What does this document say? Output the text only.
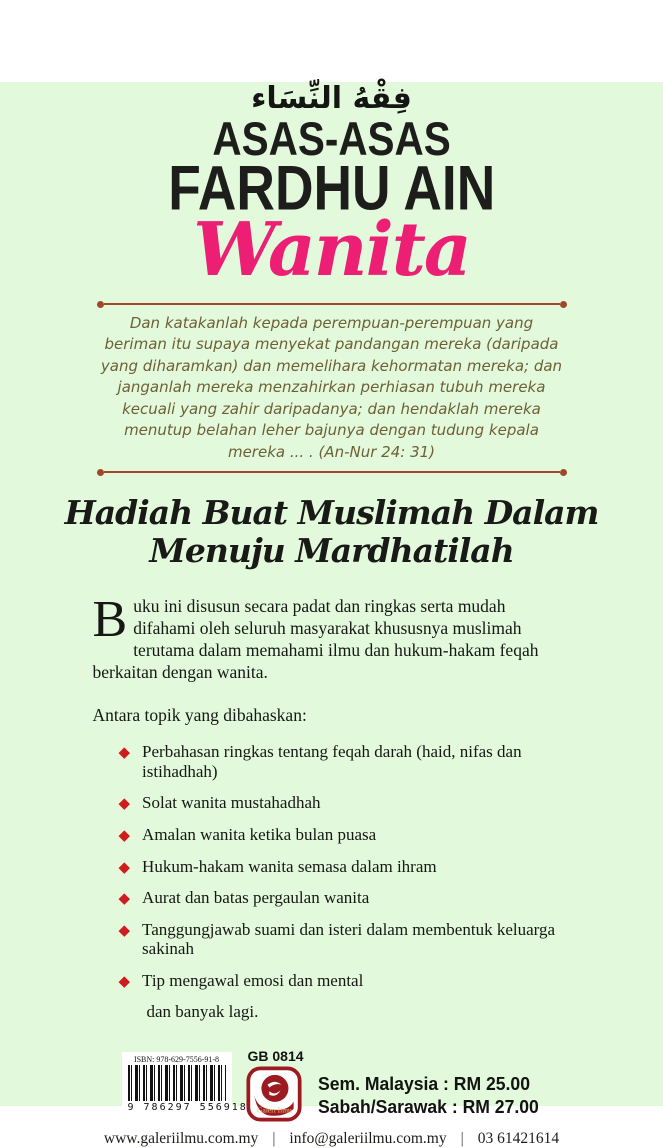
فِقْهُ النِّسَاء
ASAS-ASAS
FARDHU AIN
Wanita
Dan katakanlah kepada perempuan-perempuan yang beriman itu supaya menyekat pandangan mereka (daripada yang diharamkan) dan memelihara kehormatan mereka; dan janganlah mereka menzahirkan perhiasan tubuh mereka kecuali yang zahir daripadanya; dan hendaklah mereka menutup belahan leher bajunya dengan tudung kepala mereka ... . (An-Nur 24: 31)
Hadiah Buat Muslimah Dalam
Menuju Mardhatilah
Buku ini disusun secara padat dan ringkas serta mudah difahami oleh seluruh masyarakat khususnya muslimah terutama dalam memahami ilmu dan hukum-hakam feqah berkaitan dengan wanita.
Antara topik yang dibahaskan:
◆ Perbahasan ringkas tentang feqah darah (haid, nifas dan istihadhah)
◆ Solat wanita mustahadhah
◆ Amalan wanita ketika bulan puasa
◆ Hukum-hakam wanita semasa dalam ihram
◆ Aurat dan batas pergaulan wanita
◆ Tanggungjawab suami dan isteri dalam membentuk keluarga sakinah
◆ Tip mengawal emosi dan mental
dan banyak lagi.
ISBN: 978-629-7556-91-8
9 786297 556918
GB 0814
Galeri Ilmu
Sem. Malaysia : RM 25.00
Sabah/Sarawak : RM 27.00
www.galeriilmu.com.my | info@galeriilmu.com.my | 03 61421614
